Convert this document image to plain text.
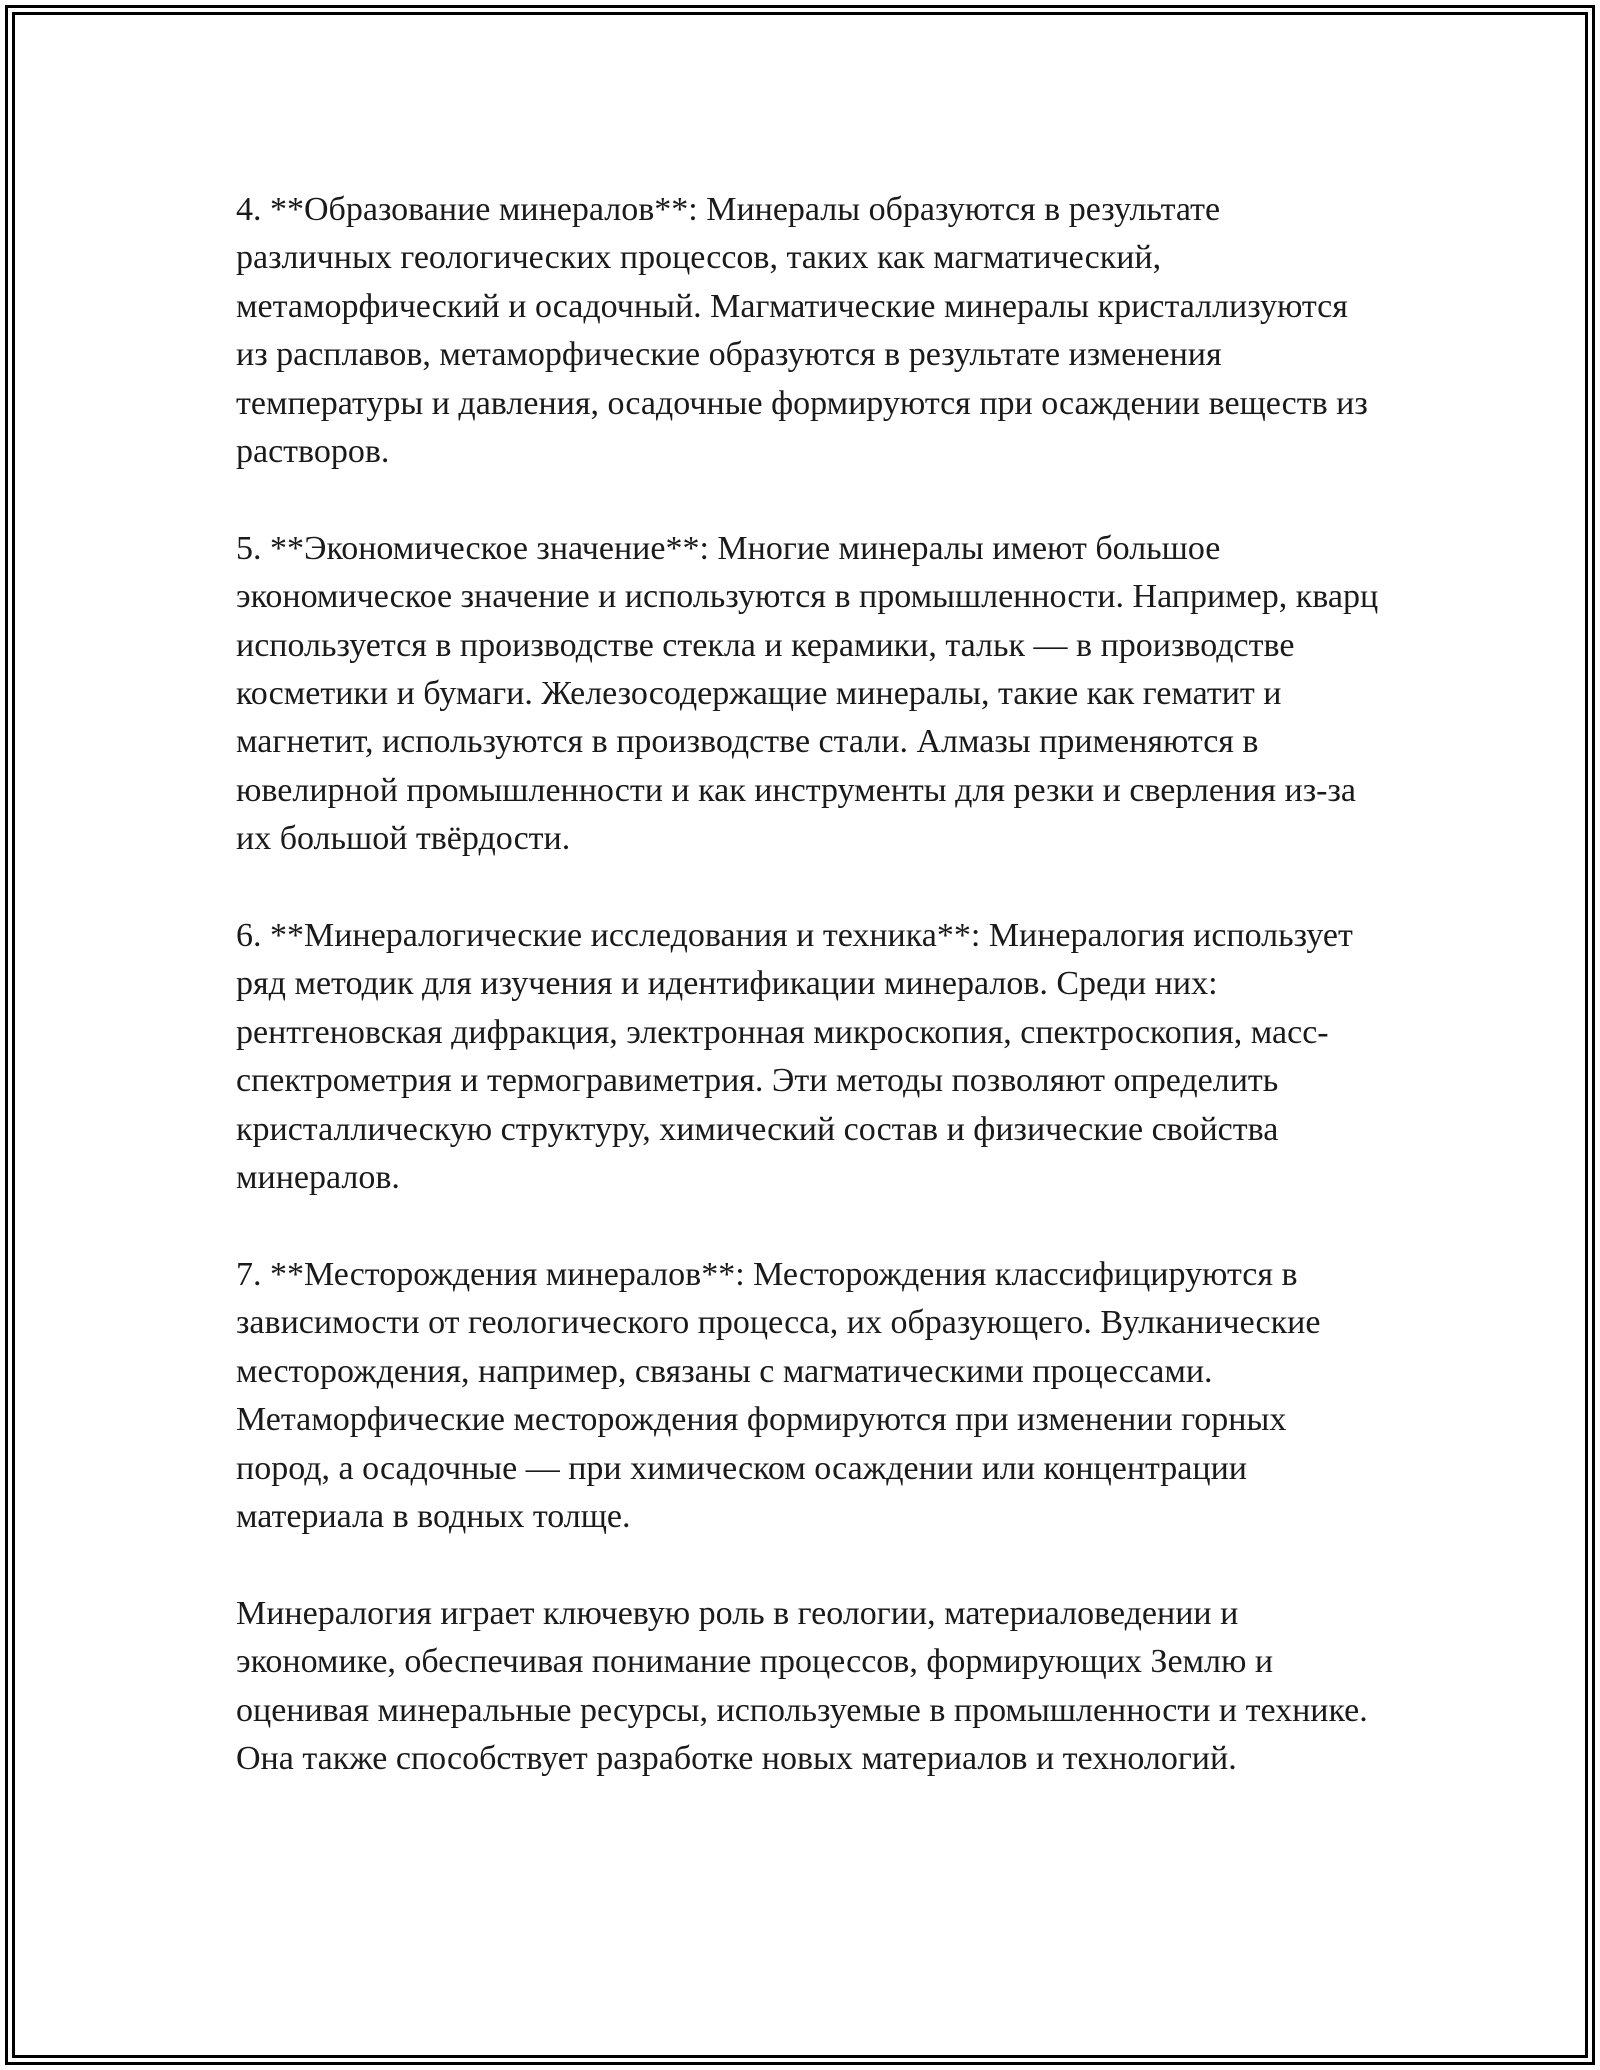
4. **Образование минералов**: Минералы образуются в результате различных геологических процессов, таких как магматический, метаморфический и осадочный. Магматические минералы кристаллизуются из расплавов, метаморфические образуются в результате изменения температуры и давления, осадочные формируются при осаждении веществ из растворов.

5. **Экономическое значение**: Многие минералы имеют большое экономическое значение и используются в промышленности. Например, кварц используется в производстве стекла и керамики, тальк — в производстве косметики и бумаги. Железосодержащие минералы, такие как гематит и магнетит, используются в производстве стали. Алмазы применяются в ювелирной промышленности и как инструменты для резки и сверления из-за их большой твёрдости.

6. **Минералогические исследования и техника**: Минералогия использует ряд методик для изучения и идентификации минералов. Среди них: рентгеновская дифракция, электронная микроскопия, спектроскопия, масс-спектрометрия и термогравиметрия. Эти методы позволяют определить кристаллическую структуру, химический состав и физические свойства минералов.

7. **Месторождения минералов**: Месторождения классифицируются в зависимости от геологического процесса, их образующего. Вулканические месторождения, например, связаны с магматическими процессами. Метаморфические месторождения формируются при изменении горных пород, а осадочные — при химическом осаждении или концентрации материала в водных толще.

Минералогия играет ключевую роль в геологии, материаловедении и экономике, обеспечивая понимание процессов, формирующих Землю и оценивая минеральные ресурсы, используемые в промышленности и технике. Она также способствует разработке новых материалов и технологий.
